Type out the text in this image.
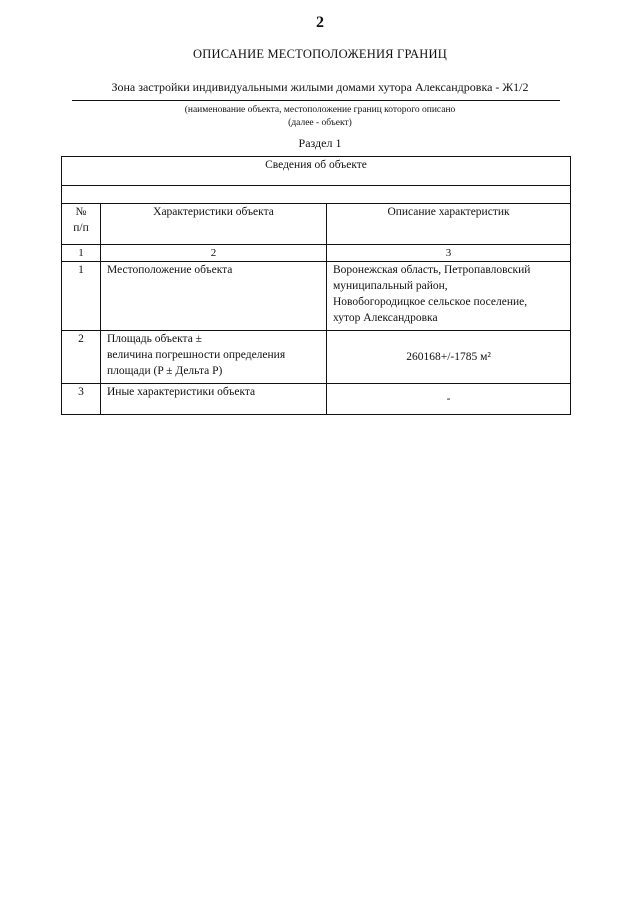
2
ОПИСАНИЕ МЕСТОПОЛОЖЕНИЯ ГРАНИЦ
Зона застройки индивидуальными жилыми домами хутора Александровка - Ж1/2
(наименование объекта, местоположение границ которого описано
(далее - объект)
Раздел 1
Сведения об объекте		

№
п/п	Характеристики объекта	Описание характеристик
1	2	3
1	Местоположение объекта	Воронежская область, Петропавловский
муниципальный район,
Новобогородицкое сельское поселение,
хутор Александровка

2	Площадь объекта ±
величина погрешности определения
площади (P ± Дельта P)	260168+/-1785 м²
3	Иные характеристики объекта	-
